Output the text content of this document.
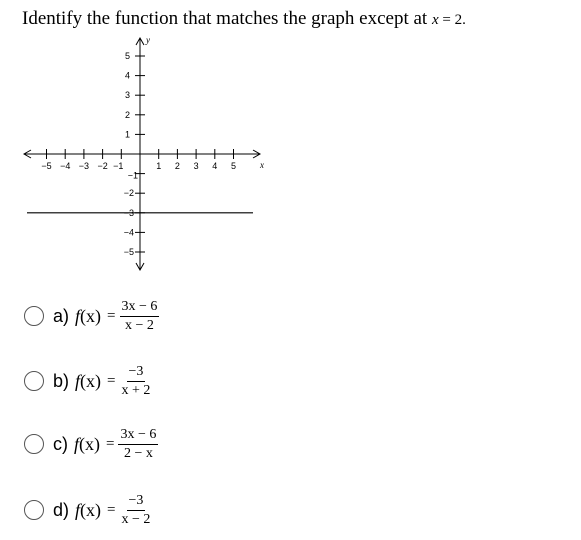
Identify the function that matches the graph except at x = 2.
x
y
−5 −4 −3 −2 −1	1 2 3 4 5
1
2
3
4
5
−1
−2
−3
−4
−5
a) $f(x) = \frac{3x - 6}{x - 2}$
b) $f(x) = \frac{-3}{x + 2}$
c) $f(x) = \frac{3x - 6}{2 - x}$
d) $f(x) = \frac{-3}{x - 2}$
